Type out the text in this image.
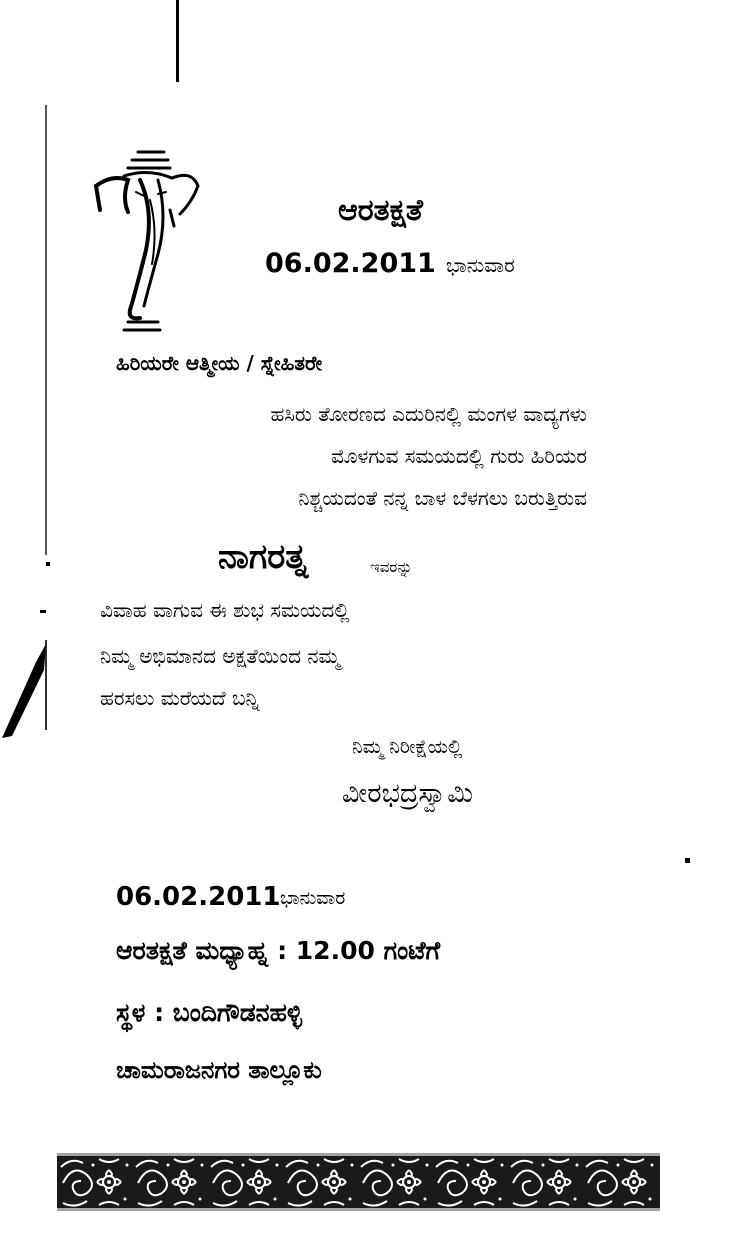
ಆರತಕ್ಷತೆ
06.02.2011 ಭಾನುವಾರ
ಹಿರಿಯರೇ ಆತ್ಮೀಯ / ಸ್ನೇಹಿತರೇ
ಹಸಿರು ತೋರಣದ ಎದುರಿನಲ್ಲಿ ಮಂಗಳ ವಾದ್ಯಗಳು
ಮೊಳಗುವ ಸಮಯದಲ್ಲಿ ಗುರು ಹಿರಿಯರ
ನಿಶ್ಚಯದಂತೆ ನನ್ನ ಬಾಳ ಬೆಳಗಲು ಬರುತ್ತಿರುವ
ನಾಗರತ್ನ	ಇವರನ್ನು
ವಿವಾಹ ವಾಗುವ ಈ ಶುಭ ಸಮಯದಲ್ಲಿ
ನಿಮ್ಮ ಅಭಿಮಾನದ ಅಕ್ಷತೆಯಿಂದ ನಮ್ಮ
ಹರಸಲು ಮರೆಯದೆ ಬನ್ನಿ
ನಿಮ್ಮ ನಿರೀಕ್ಷೆಯಲ್ಲಿ
ವೀರಭದ್ರಸ್ವಾಮಿ
06.02.2011 ಭಾನುವಾರ
ಆರತಕ್ಷತೆ ಮಧ್ಯಾಹ್ನ : 12.00 ಗಂಟೆಗೆ
ಸ್ಥಳ : ಬಂದಿಗೌಡನಹಳ್ಳಿ
ಚಾಮರಾಜನಗರ ತಾಲ್ಲೂಕು
